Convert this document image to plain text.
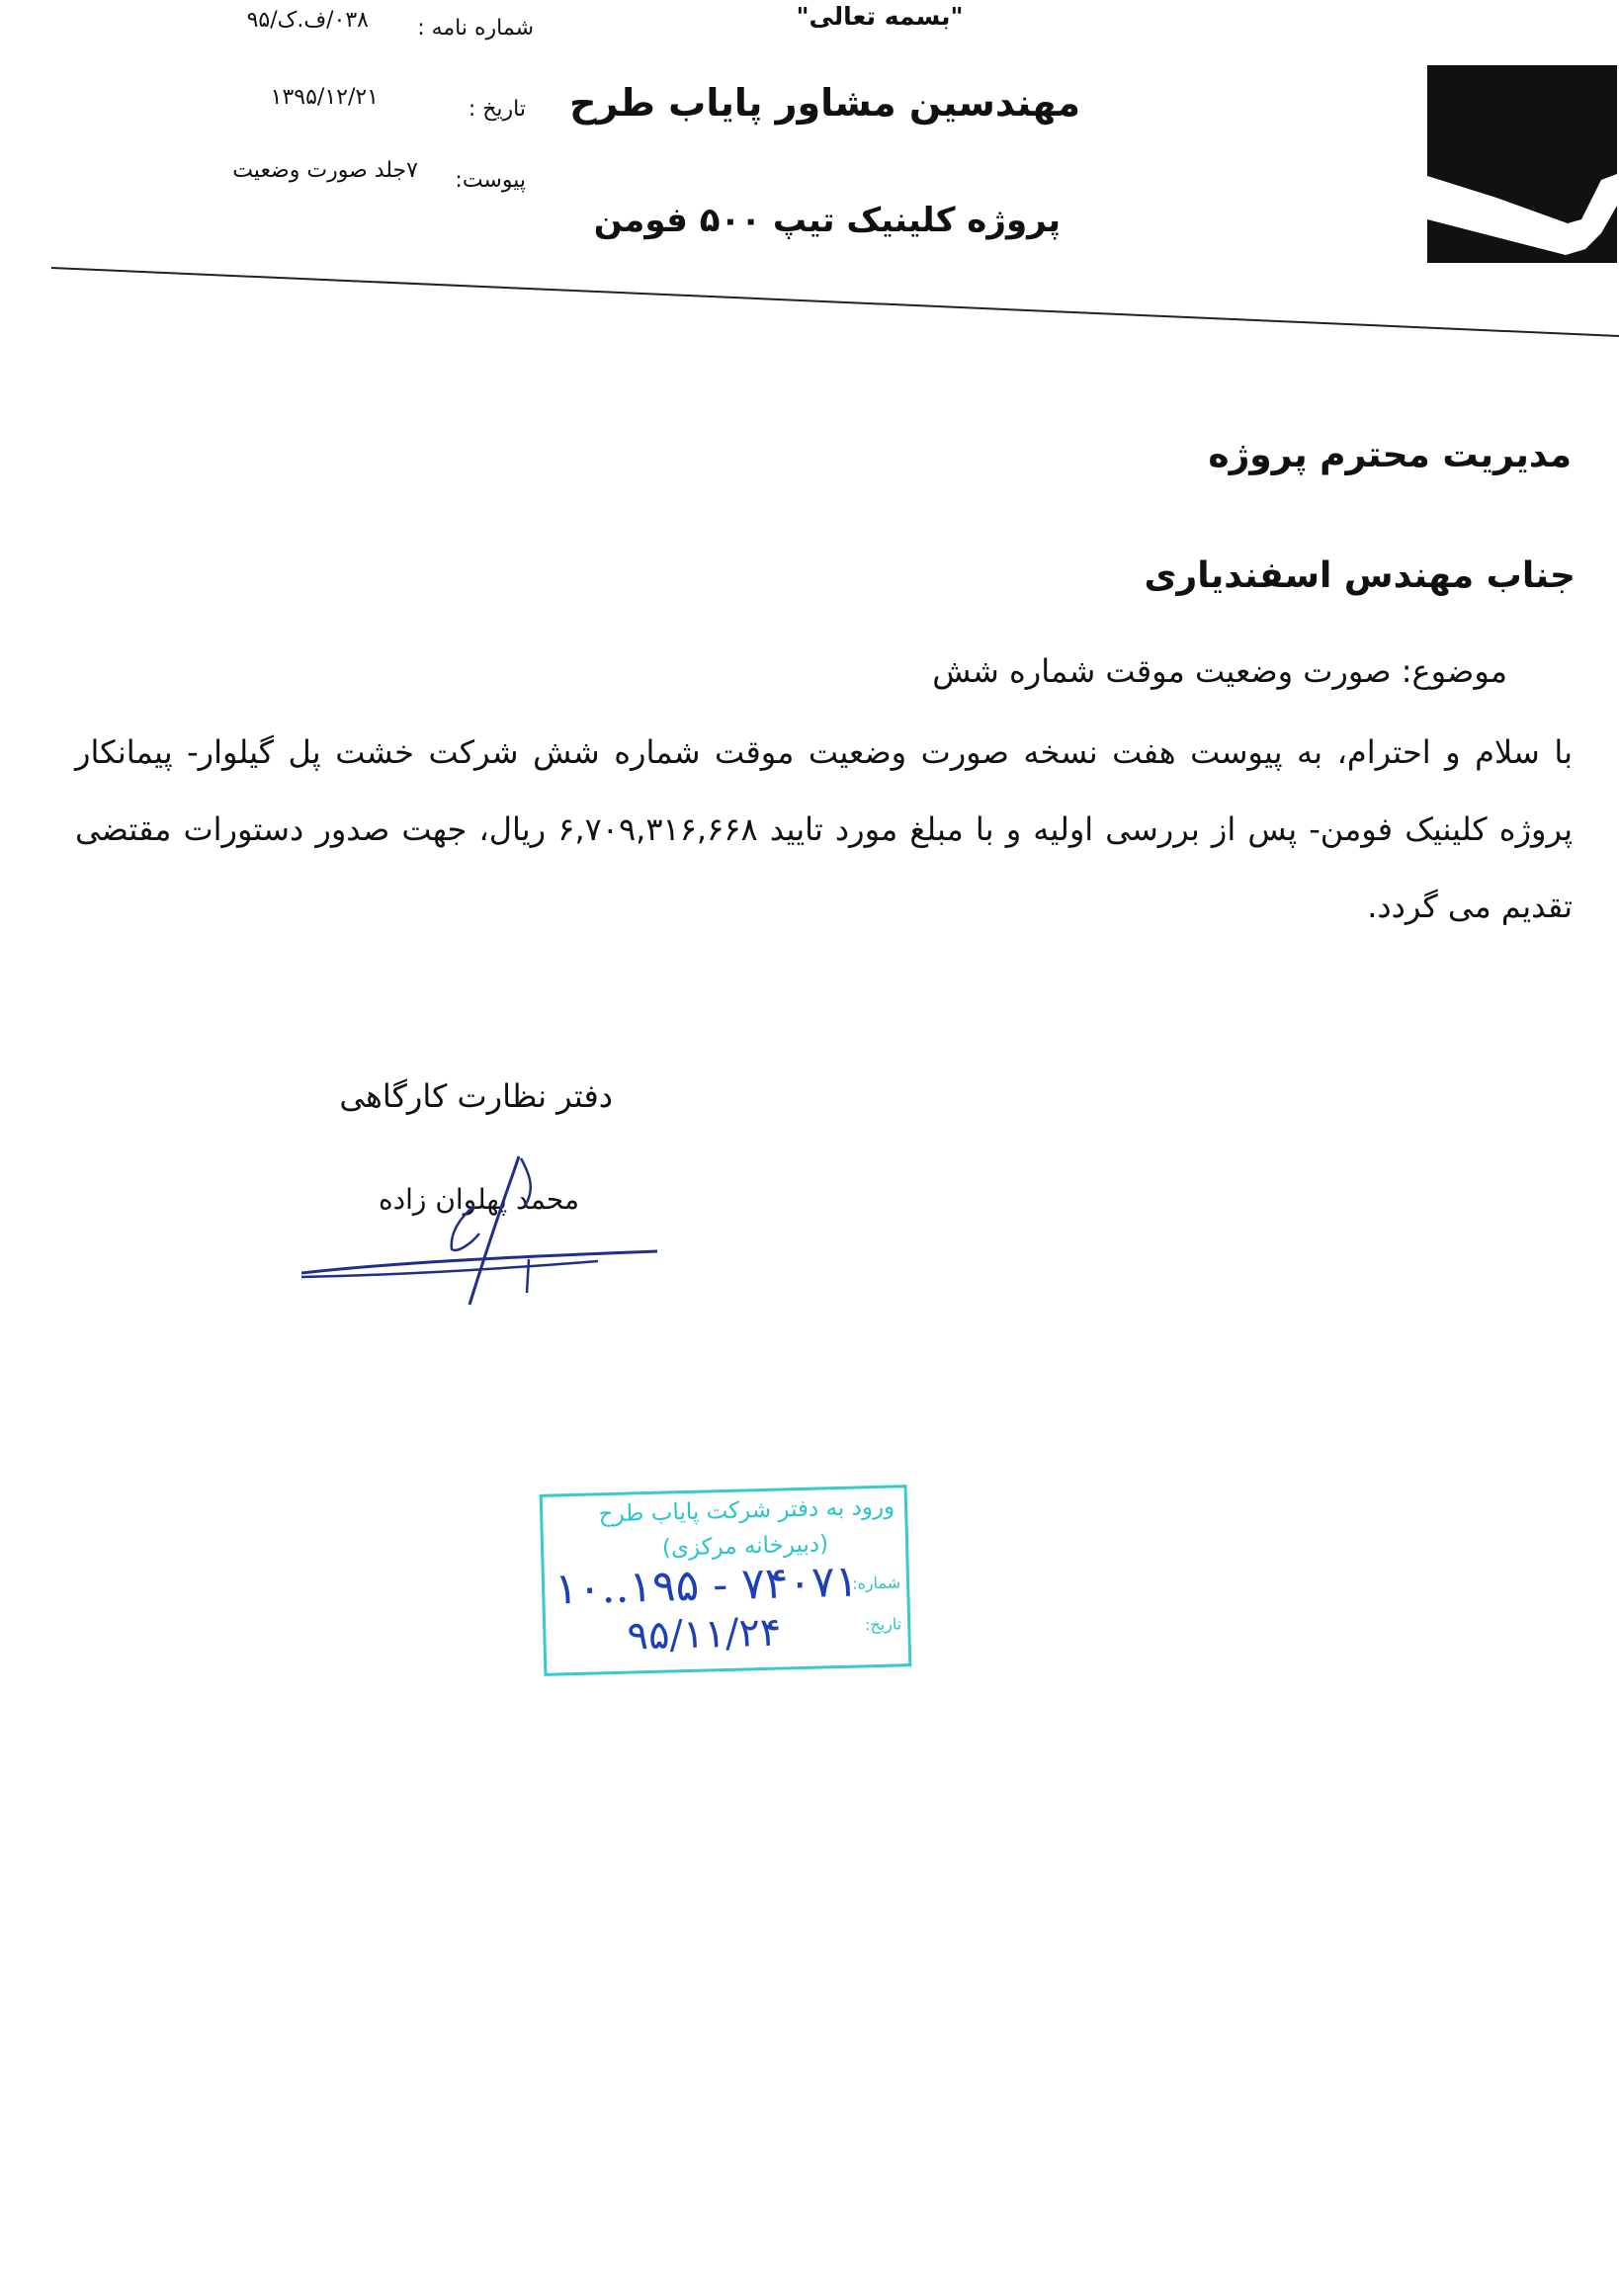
"بسمه تعالی"
شماره نامه :
۰۳۸/ف.ک/۹۵
تاریخ :
۱۳۹۵/۱۲/۲۱
پیوست:
۷جلد صورت وضعیت
مهندسین مشاور پایاب طرح
پروژه کلینیک تیپ ۵۰۰ فومن
مدیریت محترم پروژه
جناب مهندس اسفندیاری
موضوع: صورت وضعیت موقت شماره شش
با سلام و احترام، به پیوست هفت نسخه صورت وضعیت موقت شماره شش شرکت خشت پل گیلوار- پیمانکار پروژه کلینیک فومن- پس از بررسی اولیه و با مبلغ مورد تایید ۶,۷۰۹,۳۱۶,۶۶۸ ریال، جهت صدور دستورات مقتضی تقدیم می گردد.
دفتر نظارت کارگاهی
محمد پهلوان زاده
ورود به دفتر شرکت پایاب طرح
(دبیرخانه مرکزی)
شماره:
۱۰..۱۹۵ - ۷۴۰۷۱
تاریخ:
۹۵/۱۱/۲۴
